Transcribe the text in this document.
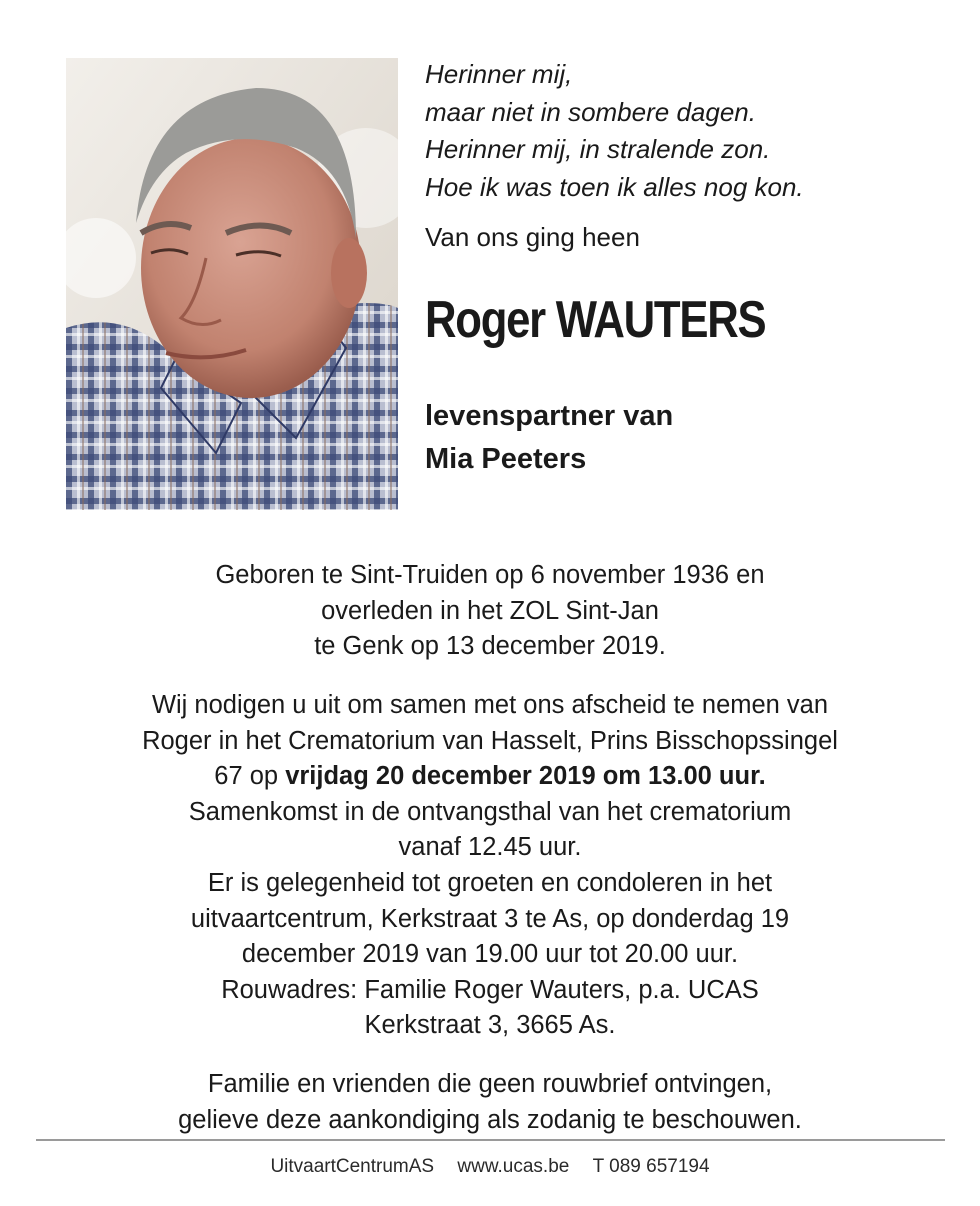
Herinner mij,
maar niet in sombere dagen.
Herinner mij, in stralende zon.
Hoe ik was toen ik alles nog kon.
Van ons ging heen
Roger WAUTERS
levenspartner van
Mia Peeters
Geboren te Sint-Truiden op 6 november 1936 en
overleden in het ZOL Sint-Jan
te Genk op 13 december 2019.
Wij nodigen u uit om samen met ons afscheid te nemen van
Roger in het Crematorium van Hasselt, Prins Bisschopssingel
67 op vrijdag 20 december 2019 om 13.00 uur.
Samenkomst in de ontvangsthal van het crematorium
vanaf 12.45 uur.
Er is gelegenheid tot groeten en condoleren in het
uitvaartcentrum, Kerkstraat 3 te As, op donderdag 19
december 2019 van 19.00 uur tot 20.00 uur.
Rouwadres: Familie Roger Wauters, p.a. UCAS
Kerkstraat 3, 3665 As.
Familie en vrienden die geen rouwbrief ontvingen,
gelieve deze aankondiging als zodanig te beschouwen.
UitvaartCentrumAS www.ucas.be T 089 657194
